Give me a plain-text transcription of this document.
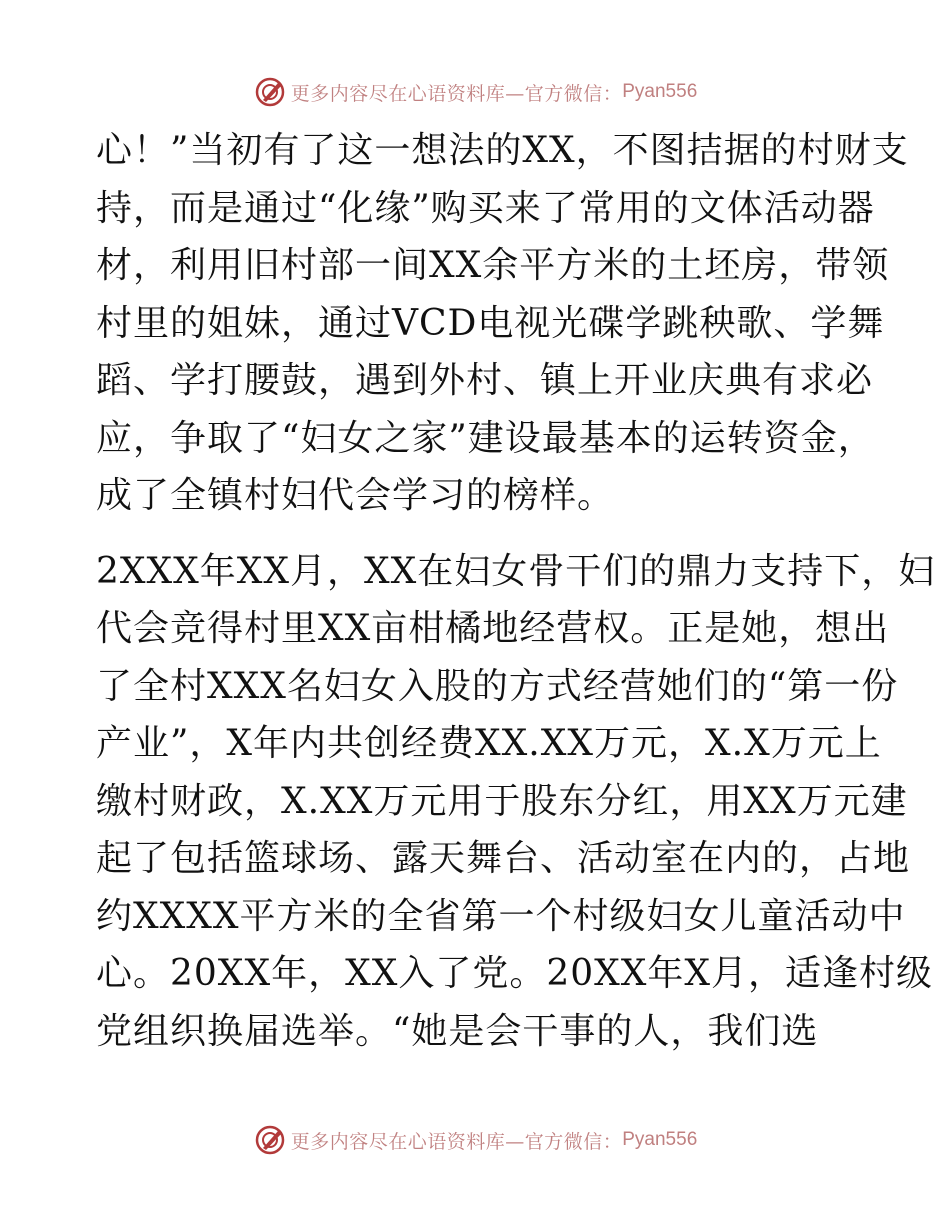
更多内容尽在心语资料库—官方微信： Pyan556
心！”当初有了这一想法的XX，不图拮据的村财支
持，而是通过“化缘”购买来了常用的文体活动器
材，利用旧村部一间XX余平方米的土坯房，带领
村里的姐妹，通过VCD电视光碟学跳秧歌、学舞
蹈、学打腰鼓，遇到外村、镇上开业庆典有求必
应，争取了“妇女之家”建设最基本的运转资金，
成了全镇村妇代会学习的榜样。
2XXX年XX月，XX在妇女骨干们的鼎力支持下，妇
代会竞得村里XX亩柑橘地经营权。正是她，想出
了全村XXX名妇女入股的方式经营她们的“第一份
产业”，X年内共创经费XX.XX万元，X.X万元上
缴村财政，X.XX万元用于股东分红，用XX万元建
起了包括篮球场、露天舞台、活动室在内的，占地
约XXXX平方米的全省第一个村级妇女儿童活动中
心。20XX年，XX入了党。20XX年X月，适逢村级
党组织换届选举。“她是会干事的人，我们选
更多内容尽在心语资料库—官方微信： Pyan556
